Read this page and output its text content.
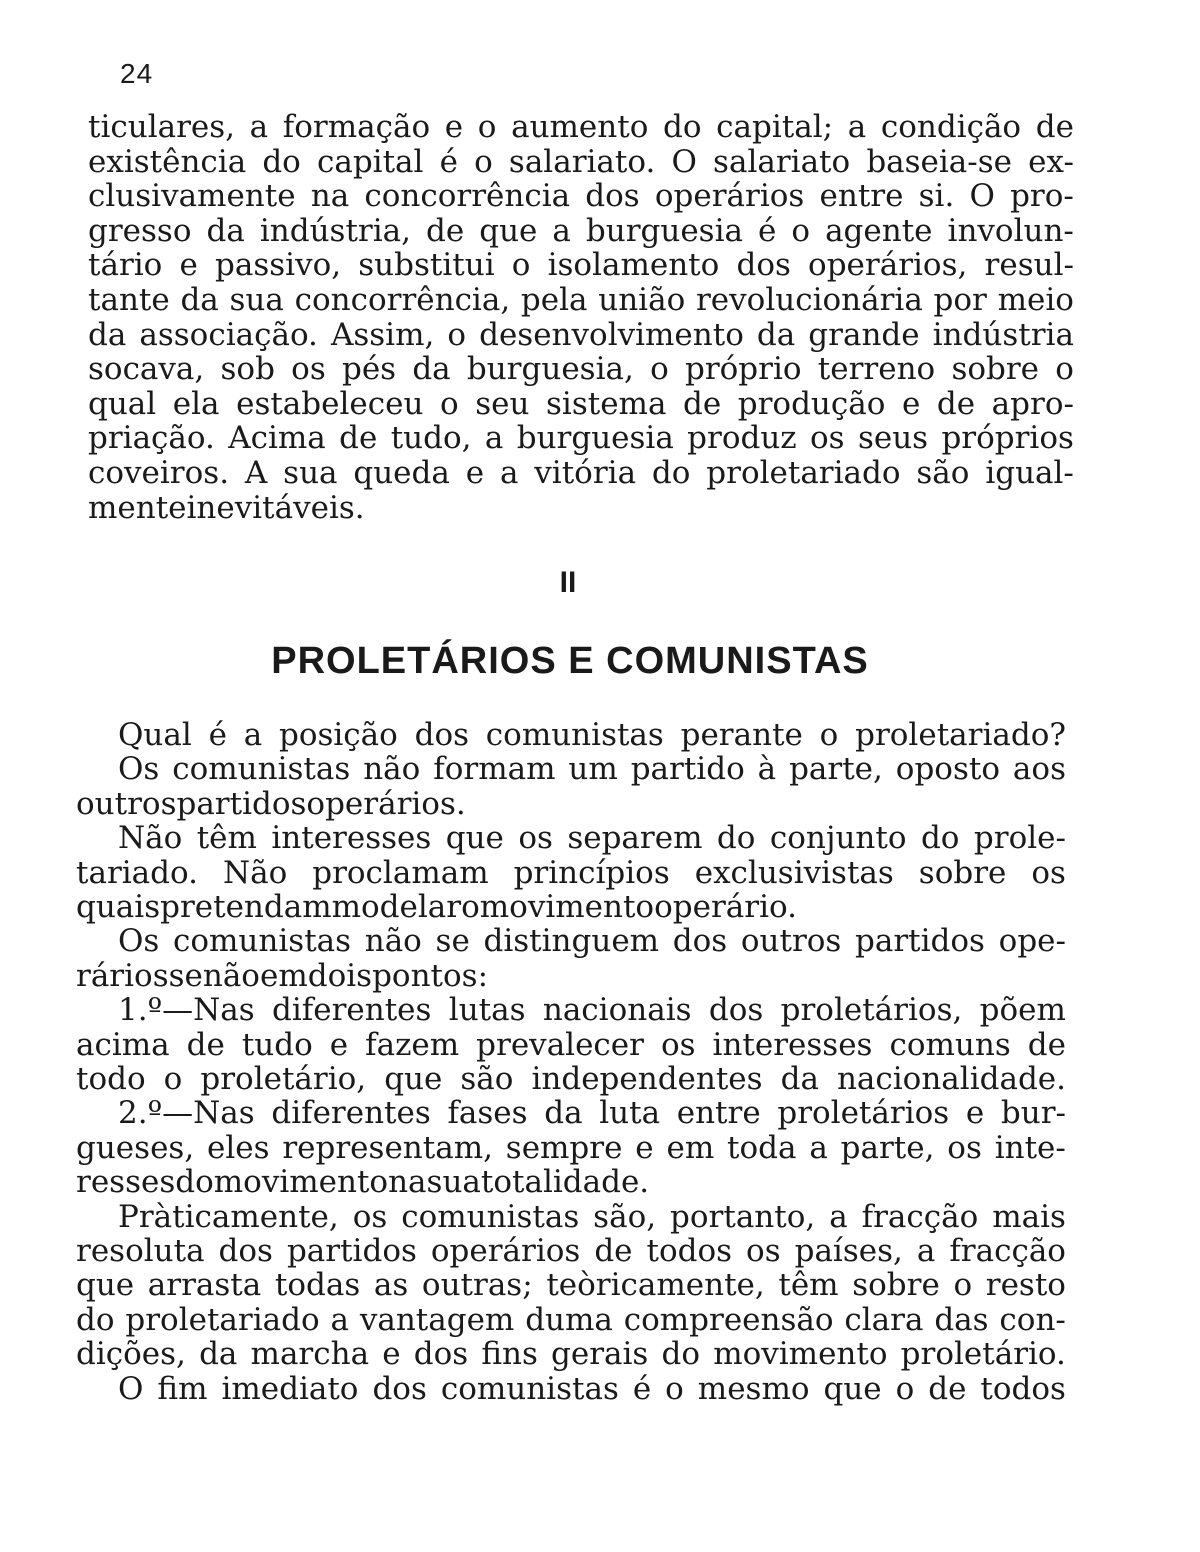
24
ticulares, a formação e o aumento do capital; a condição de
existência do capital é o salariato. O salariato baseia-se ex-
clusivamente na concorrência dos operários entre si. O pro-
gresso da indústria, de que a burguesia é o agente involun-
tário e passivo, substitui o isolamento dos operários, resul-
tante da sua concorrência, pela união revolucionária por meio
da associação. Assim, o desenvolvimento da grande indústria
socava, sob os pés da burguesia, o próprio terreno sobre o
qual ela estabeleceu o seu sistema de produção e de apro-
priação. Acima de tudo, a burguesia produz os seus próprios
coveiros. A sua queda e a vitória do proletariado são igual-
mente inevitáveis.
II
PROLETÁRIOS E COMUNISTAS
Qual é a posição dos comunistas perante o proletariado?
Os comunistas não formam um partido à parte, oposto aos
outros partidos operários.
Não têm interesses que os separem do conjunto do prole-
tariado. Não proclamam princípios exclusivistas sobre os
quais pretendam modelar o movimento operário.
Os comunistas não se distinguem dos outros partidos ope-
rários senão em dois pontos:
1.º—Nas diferentes lutas nacionais dos proletários, põem
acima de tudo e fazem prevalecer os interesses comuns de
todo o proletário, que são independentes da nacionalidade.
2.º—Nas diferentes fases da luta entre proletários e bur-
gueses, eles representam, sempre e em toda a parte, os inte-
resses do movimento na sua totalidade.
Pràticamente, os comunistas são, portanto, a fracção mais
resoluta dos partidos operários de todos os países, a fracção
que arrasta todas as outras; teòricamente, têm sobre o resto
do proletariado a vantagem duma compreensão clara das con-
dições, da marcha e dos fins gerais do movimento proletário.
O fim imediato dos comunistas é o mesmo que o de todos
